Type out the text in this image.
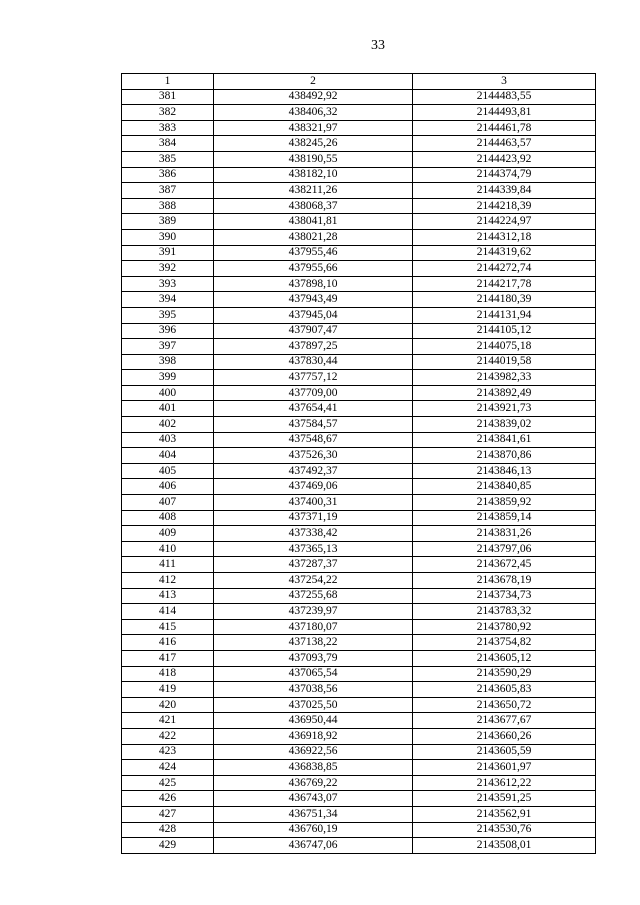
33
1	2	3
381	438492,92	2144483,55
382	438406,32	2144493,81
383	438321,97	2144461,78
384	438245,26	2144463,57
385	438190,55	2144423,92
386	438182,10	2144374,79
387	438211,26	2144339,84
388	438068,37	2144218,39
389	438041,81	2144224,97
390	438021,28	2144312,18
391	437955,46	2144319,62
392	437955,66	2144272,74
393	437898,10	2144217,78
394	437943,49	2144180,39
395	437945,04	2144131,94
396	437907,47	2144105,12
397	437897,25	2144075,18
398	437830,44	2144019,58
399	437757,12	2143982,33
400	437709,00	2143892,49
401	437654,41	2143921,73
402	437584,57	2143839,02
403	437548,67	2143841,61
404	437526,30	2143870,86
405	437492,37	2143846,13
406	437469,06	2143840,85
407	437400,31	2143859,92
408	437371,19	2143859,14
409	437338,42	2143831,26
410	437365,13	2143797,06
411	437287,37	2143672,45
412	437254,22	2143678,19
413	437255,68	2143734,73
414	437239,97	2143783,32
415	437180,07	2143780,92
416	437138,22	2143754,82
417	437093,79	2143605,12
418	437065,54	2143590,29
419	437038,56	2143605,83
420	437025,50	2143650,72
421	436950,44	2143677,67
422	436918,92	2143660,26
423	436922,56	2143605,59
424	436838,85	2143601,97
425	436769,22	2143612,22
426	436743,07	2143591,25
427	436751,34	2143562,91
428	436760,19	2143530,76
429	436747,06	2143508,01
